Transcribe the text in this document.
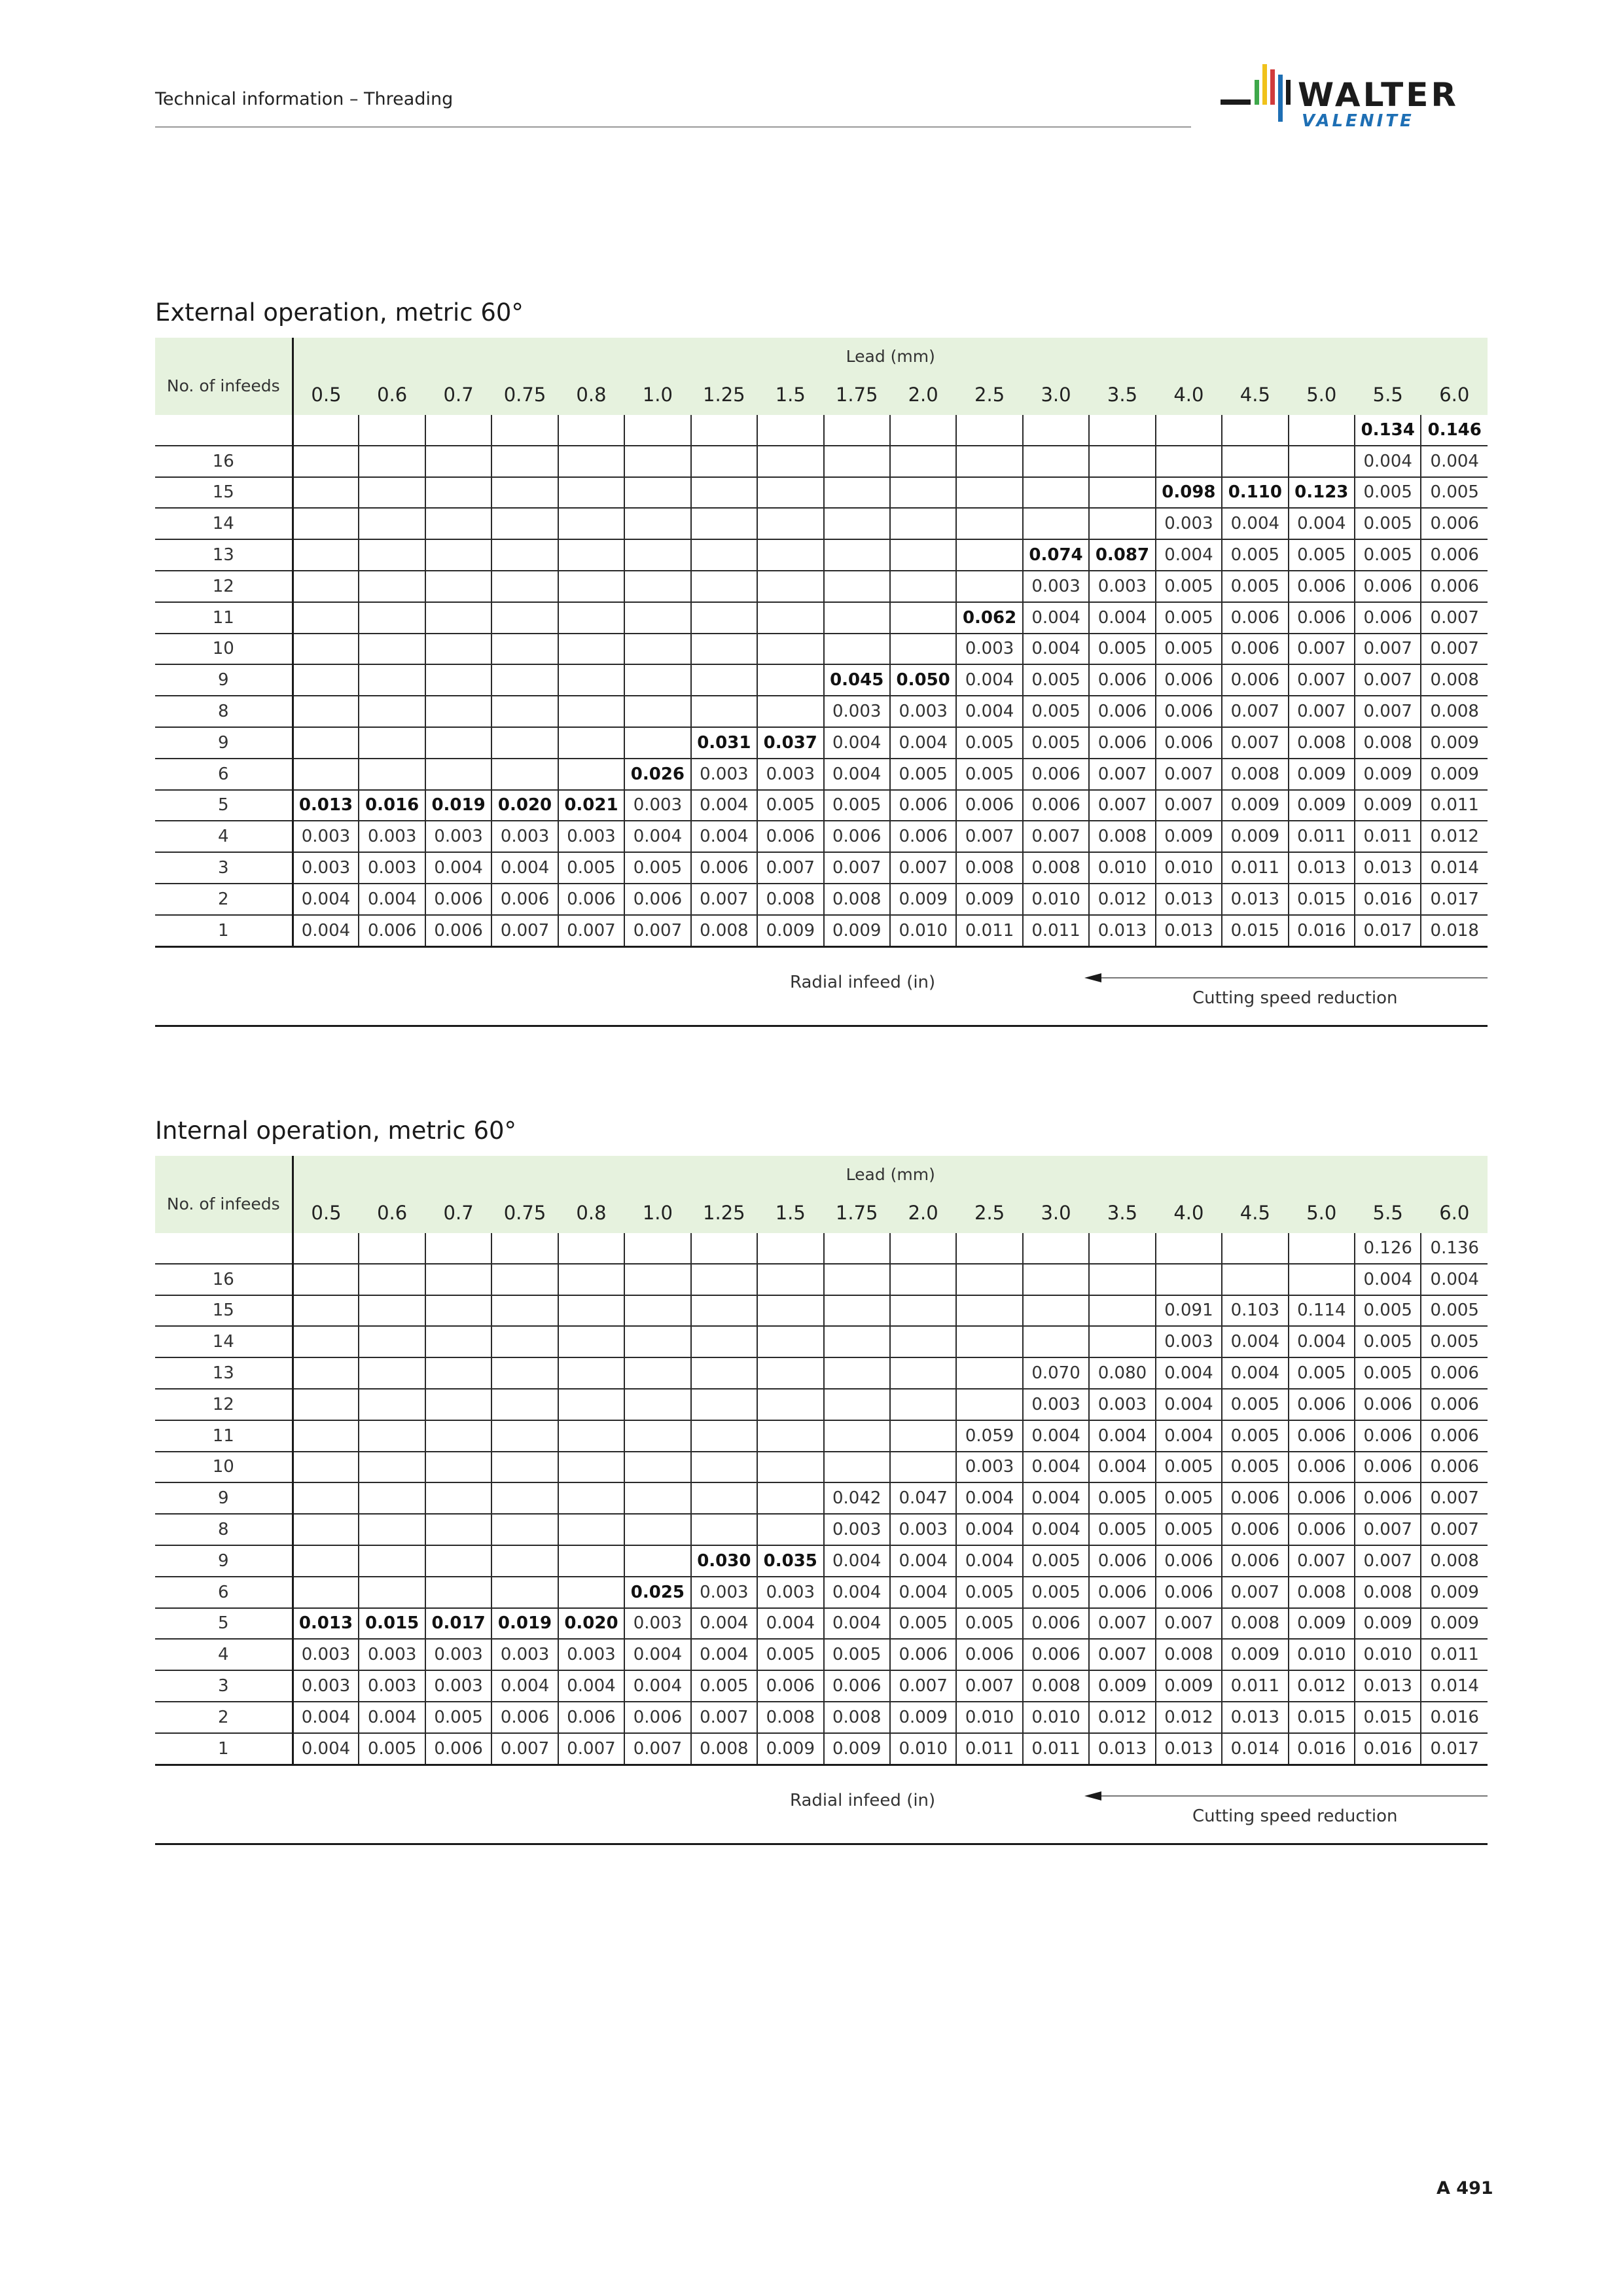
Technical information – Threading	WALTER
VALENITE
External operation, metric 60°
No. of infeeds	Lead (mm)																	
	0.5	0.6	0.7	0.75	0.8	1.0	1.25	1.5	1.75	2.0	2.5	3.0	3.5	4.0	4.5	5.0	5.5	6.0
																	0.134	0.146
16																	0.004	0.004
15														0.098	0.110	0.123	0.005	0.005
14														0.003	0.004	0.004	0.005	0.006
13												0.074	0.087	0.004	0.005	0.005	0.005	0.006
12												0.003	0.003	0.005	0.005	0.006	0.006	0.006
11											0.062	0.004	0.004	0.005	0.006	0.006	0.006	0.007
10											0.003	0.004	0.005	0.005	0.006	0.007	0.007	0.007
9									0.045	0.050	0.004	0.005	0.006	0.006	0.006	0.007	0.007	0.008
8									0.003	0.003	0.004	0.005	0.006	0.006	0.007	0.007	0.007	0.008
9							0.031	0.037	0.004	0.004	0.005	0.005	0.006	0.006	0.007	0.008	0.008	0.009
6						0.026	0.003	0.003	0.004	0.005	0.005	0.006	0.007	0.007	0.008	0.009	0.009	0.009
5	0.013	0.016	0.019	0.020	0.021	0.003	0.004	0.005	0.005	0.006	0.006	0.006	0.007	0.007	0.009	0.009	0.009	0.011
4	0.003	0.003	0.003	0.003	0.003	0.004	0.004	0.006	0.006	0.006	0.007	0.007	0.008	0.009	0.009	0.011	0.011	0.012
3	0.003	0.003	0.004	0.004	0.005	0.005	0.006	0.007	0.007	0.007	0.008	0.008	0.010	0.010	0.011	0.013	0.013	0.014
2	0.004	0.004	0.006	0.006	0.006	0.006	0.007	0.008	0.008	0.009	0.009	0.010	0.012	0.013	0.013	0.015	0.016	0.017
1	0.004	0.006	0.006	0.007	0.007	0.007	0.008	0.009	0.009	0.010	0.011	0.011	0.013	0.013	0.015	0.016	0.017	0.018
Radial infeed (in)
Cutting speed reduction
Internal operation, metric 60°
No. of infeeds	Lead (mm)																	
	0.5	0.6	0.7	0.75	0.8	1.0	1.25	1.5	1.75	2.0	2.5	3.0	3.5	4.0	4.5	5.0	5.5	6.0
																	0.126	0.136
16																	0.004	0.004
15														0.091	0.103	0.114	0.005	0.005
14														0.003	0.004	0.004	0.005	0.005
13												0.070	0.080	0.004	0.004	0.005	0.005	0.006
12												0.003	0.003	0.004	0.005	0.006	0.006	0.006
11											0.059	0.004	0.004	0.004	0.005	0.006	0.006	0.006
10											0.003	0.004	0.004	0.005	0.005	0.006	0.006	0.006
9									0.042	0.047	0.004	0.004	0.005	0.005	0.006	0.006	0.006	0.007
8									0.003	0.003	0.004	0.004	0.005	0.005	0.006	0.006	0.007	0.007
9							0.030	0.035	0.004	0.004	0.004	0.005	0.006	0.006	0.006	0.007	0.007	0.008
6						0.025	0.003	0.003	0.004	0.004	0.005	0.005	0.006	0.006	0.007	0.008	0.008	0.009
5	0.013	0.015	0.017	0.019	0.020	0.003	0.004	0.004	0.004	0.005	0.005	0.006	0.007	0.007	0.008	0.009	0.009	0.009
4	0.003	0.003	0.003	0.003	0.003	0.004	0.004	0.005	0.005	0.006	0.006	0.006	0.007	0.008	0.009	0.010	0.010	0.011
3	0.003	0.003	0.003	0.004	0.004	0.004	0.005	0.006	0.006	0.007	0.007	0.008	0.009	0.009	0.011	0.012	0.013	0.014
2	0.004	0.004	0.005	0.006	0.006	0.006	0.007	0.008	0.008	0.009	0.010	0.010	0.012	0.012	0.013	0.015	0.015	0.016
1	0.004	0.005	0.006	0.007	0.007	0.007	0.008	0.009	0.009	0.010	0.011	0.011	0.013	0.013	0.014	0.016	0.016	0.017
Radial infeed (in)
Cutting speed reduction
A 491
